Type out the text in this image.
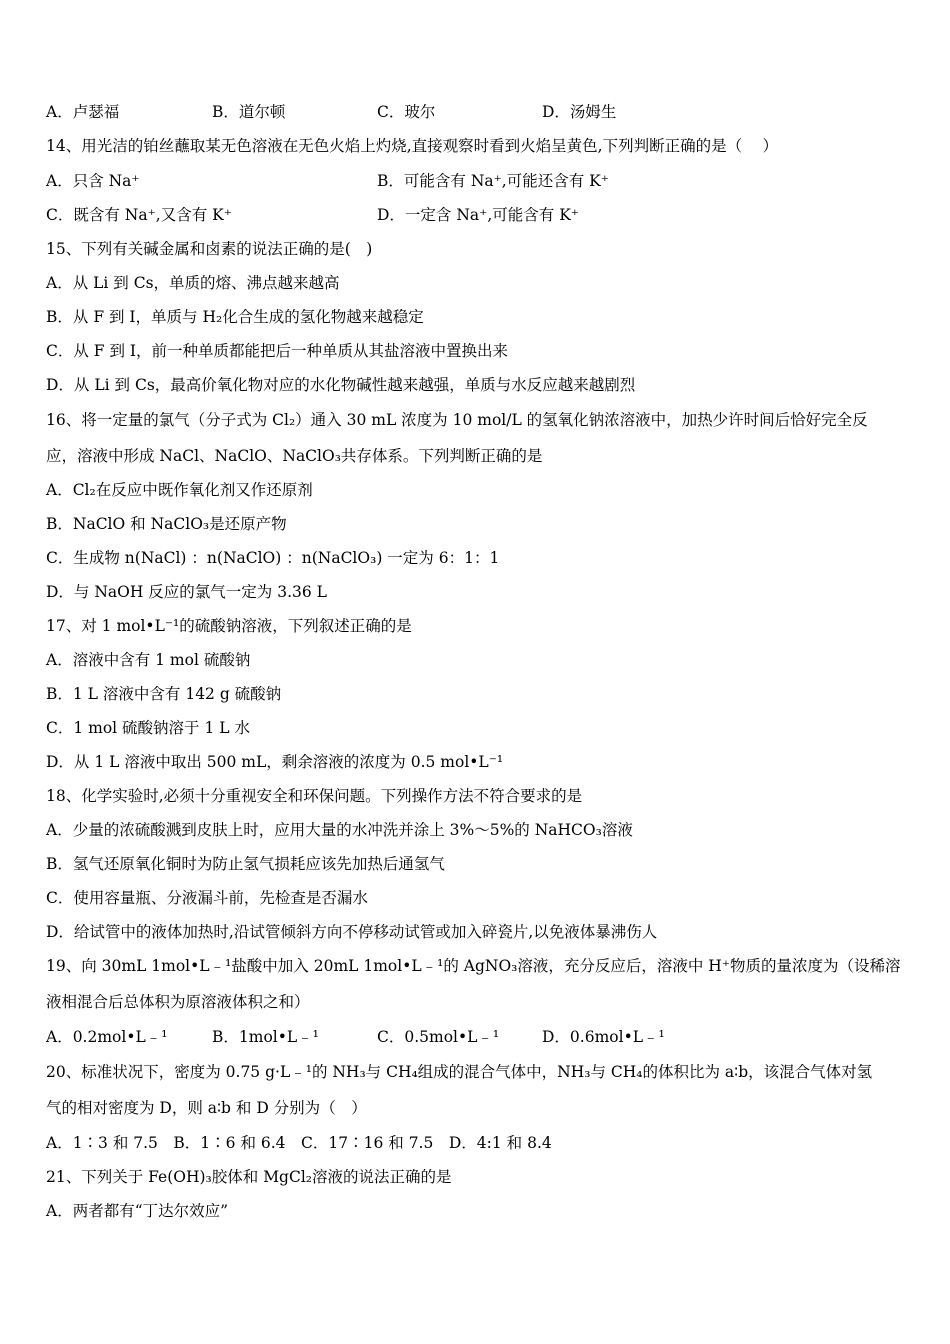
A．卢瑟福	B．道尔顿	C．玻尔	D．汤姆生
14、用光洁的铂丝蘸取某无色溶液在无色火焰上灼烧,直接观察时看到火焰呈黄色,下列判断正确的是（　 ）
A．只含 Na⁺	B．可能含有 Na⁺,可能还含有 K⁺
C．既含有 Na⁺,又含有 K⁺	D．一定含 Na⁺,可能含有 K⁺
15、下列有关碱金属和卤素的说法正确的是(　)
A．从 Li 到 Cs，单质的熔、沸点越来越高
B．从 F 到 I，单质与 H₂化合生成的氢化物越来越稳定
C．从 F 到 I，前一种单质都能把后一种单质从其盐溶液中置换出来
D．从 Li 到 Cs，最高价氧化物对应的水化物碱性越来越强，单质与水反应越来越剧烈
16、将一定量的氯气（分子式为 Cl₂）通入 30 mL 浓度为 10 mol/L 的氢氧化钠浓溶液中，加热少许时间后恰好完全反
应，溶液中形成 NaCl、NaClO、NaClO₃共存体系。下列判断正确的是
A．Cl₂在反应中既作氧化剂又作还原剂
B．NaClO 和 NaClO₃是还原产物
C．生成物 n(NaCl) ：n(NaClO) ：n(NaClO₃) 一定为 6：1：1
D．与 NaOH 反应的氯气一定为 3.36 L
17、对 1 mol•L⁻¹的硫酸钠溶液，下列叙述正确的是
A．溶液中含有 1 mol 硫酸钠
B．1 L 溶液中含有 142 g 硫酸钠
C．1 mol 硫酸钠溶于 1 L 水
D．从 1 L 溶液中取出 500 mL，剩余溶液的浓度为 0.5 mol•L⁻¹
18、化学实验时,必须十分重视安全和环保问题。下列操作方法不符合要求的是
A．少量的浓硫酸溅到皮肤上时，应用大量的水冲洗并涂上 3%～5%的 NaHCO₃溶液
B．氢气还原氧化铜时为防止氢气损耗应该先加热后通氢气
C．使用容量瓶、分液漏斗前，先检查是否漏水
D．给试管中的液体加热时,沿试管倾斜方向不停移动试管或加入碎瓷片,以免液体暴沸伤人
19、向 30mL 1mol•L﹣¹盐酸中加入 20mL 1mol•L﹣¹的 AgNO₃溶液，充分反应后，溶液中 H⁺物质的量浓度为（设稀溶
液相混合后总体积为原溶液体积之和）
A．0.2mol•L﹣¹	B．1mol•L﹣¹	C．0.5mol•L﹣¹	D．0.6mol•L﹣¹
20、标准状况下，密度为 0.75 g·L﹣¹的 NH₃与 CH₄组成的混合气体中，NH₃与 CH₄的体积比为 a∶b，该混合气体对氢
气的相对密度为 D，则 a∶b 和 D 分别为（　）
A．1∶3 和 7.5　B．1∶6 和 6.4　C．17∶16 和 7.5　D．4:1 和 8.4
21、下列关于 Fe(OH)₃胶体和 MgCl₂溶液的说法正确的是
A．两者都有“丁达尔效应”
